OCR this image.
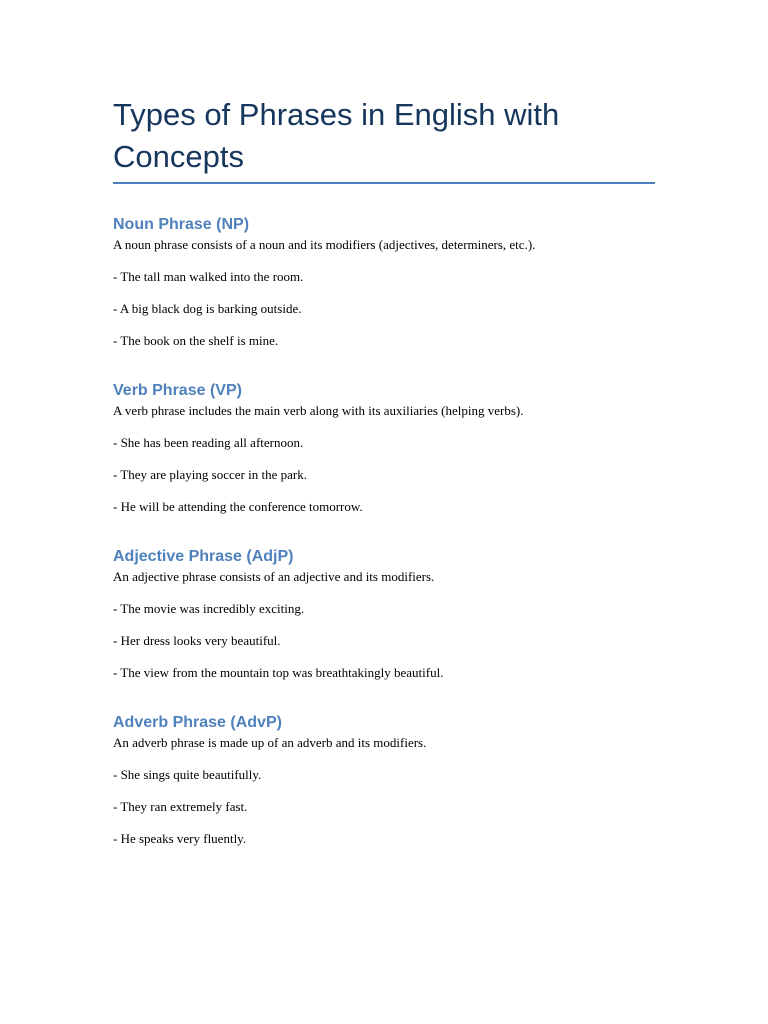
Types of Phrases in English with Concepts
Noun Phrase (NP)

A noun phrase consists of a noun and its modifiers (adjectives, determiners, etc.).

- The tall man walked into the room.

- A big black dog is barking outside.

- The book on the shelf is mine.

Verb Phrase (VP)

A verb phrase includes the main verb along with its auxiliaries (helping verbs).

- She has been reading all afternoon.

- They are playing soccer in the park.

- He will be attending the conference tomorrow.

Adjective Phrase (AdjP)

An adjective phrase consists of an adjective and its modifiers.

- The movie was incredibly exciting.

- Her dress looks very beautiful.

- The view from the mountain top was breathtakingly beautiful.

Adverb Phrase (AdvP)

An adverb phrase is made up of an adverb and its modifiers.

- She sings quite beautifully.

- They ran extremely fast.

- He speaks very fluently.
